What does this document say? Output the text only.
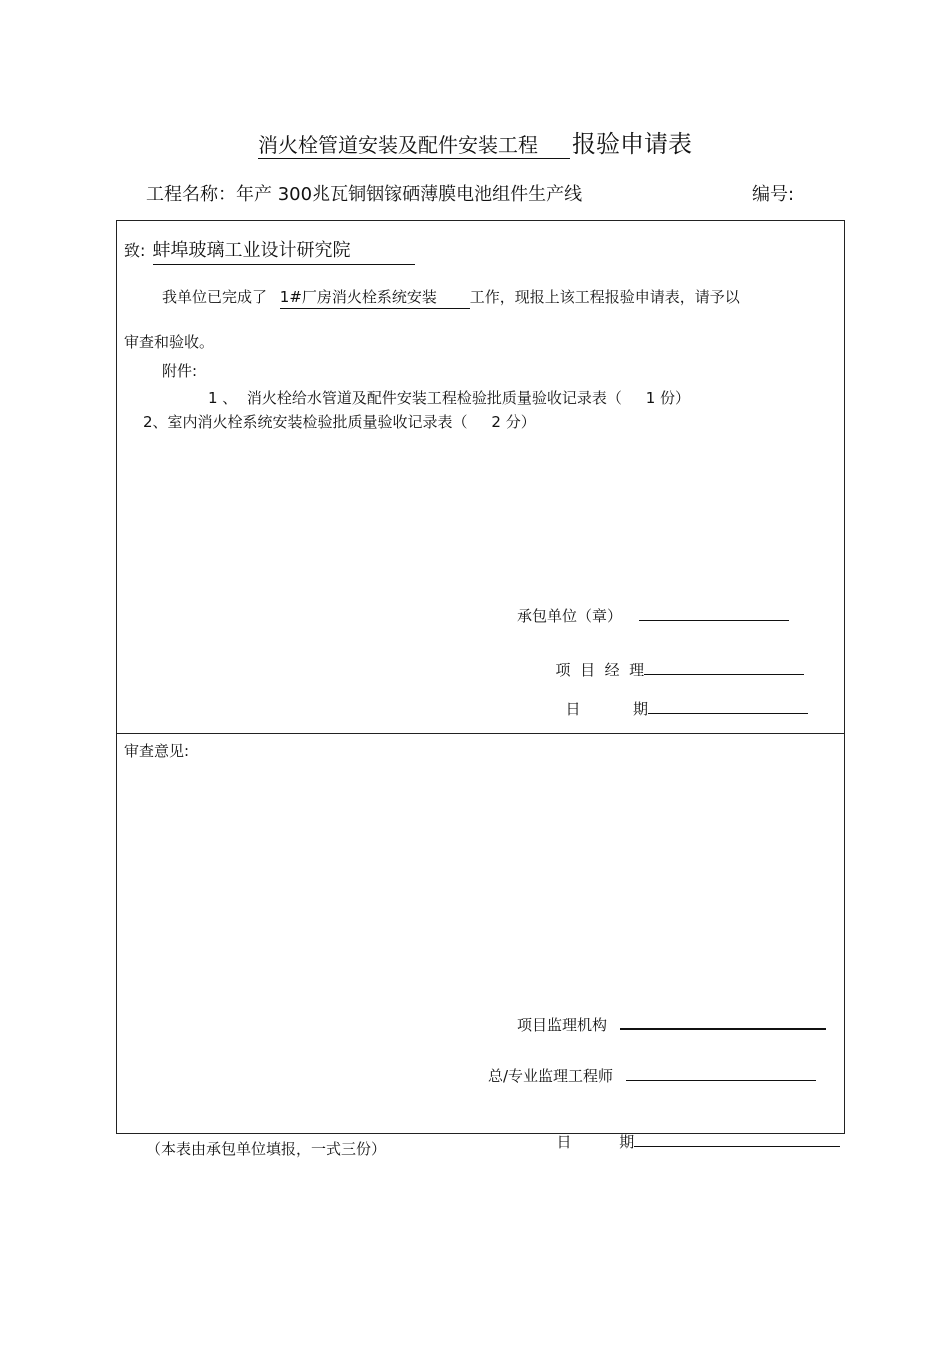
消火栓管道安装及配件安装工程 报验申请表
工程名称：年产 300兆瓦铜铟镓硒薄膜电池组件生产线	编号:
致: 蚌埠玻璃工业设计研究院
我单位已完成了 1#厂房消火栓系统安装 工作，现报上该工程报验申请表，请予以
审查和验收。
附件:
1 、  消火栓给水管道及配件安装工程检验批质量验收记录表（     1 份）
2、室内消火栓系统安装检验批质量验收记录表（     2 分）
承包单位（章）

项  目  经  理

日           期

审查意见:
项目监理机构
总/专业监理工程师

日          期

（本表由承包单位填报，一式三份）
